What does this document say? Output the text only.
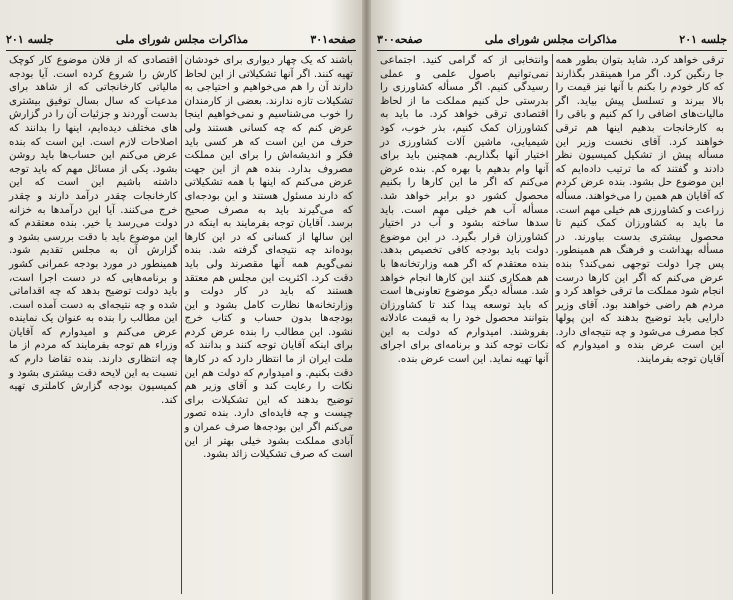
صفحه۳۰۱
مذاکرات مجلس شورای ملی
جلسه ۲۰۱

باشند که یک چهار دیواری برای خودشان تهیه کنند. اگر آنها تشکیلاتی از این لحاظ دارند آن را هم می‌خواهیم و احتیاجی به تشکیلات تازه ندارند. بعضی از کارمندان را خوب می‌شناسیم و نمی‌خواهیم اینجا عرض کنم که چه کسانی هستند ولی حرف من این است که هر کسی باید فکر و اندیشه‌اش را برای این مملکت مصروف بدارد. بنده هم از این جهت عرض می‌کنم که اینها با همه تشکیلاتی که دارند مسئول هستند و این بودجه‌ای که می‌گیرند باید به مصرف صحیح برسد. آقایان توجه بفرمایند به اینکه در این سالها از کسانی که در این کارها بوده‌اند چه نتیجه‌ای گرفته شد. بنده نمی‌گویم همه آنها مقصرند ولی باید دقت کرد. اکثریت این مجلس هم معتقد هستند که باید در کار دولت و وزارتخانه‌ها نظارت کامل بشود و این بودجه‌ها بدون حساب و کتاب خرج نشود. این مطالب را بنده عرض کردم برای اینکه آقایان توجه کنند و بدانند که ملت ایران از ما انتظار دارد که در کارها دقت بکنیم. و امیدوارم که دولت هم این نکات را رعایت کند و آقای وزیر هم توضیح بدهند که این تشکیلات برای چیست و چه فایده‌ای دارد. بنده تصور می‌کنم اگر این بودجه‌ها صرف عمران و آبادی مملکت بشود خیلی بهتر از این است که صرف تشکیلات زائد بشود.

اقتصادی که از فلان موضوع کار کوچک کارش را شروع کرده است. آیا بودجه مالیاتی کارخانجاتی که از شاهد برای مدعیات که سال بسال توفیق بیشتری بدست آوردند و جزئیات آن را در گزارش های مختلف دیده‌ایم، اینها را بدانند که اصلاحات لازم است. این است که بنده عرض می‌کنم این حساب‌ها باید روشن بشود. یکی از مسائل مهم که باید توجه داشته باشیم این است که این کارخانجات چقدر درآمد دارند و چقدر خرج می‌کنند. آیا این درآمدها به خزانه دولت می‌رسد یا خیر. بنده معتقدم که این موضوع باید با دقت بررسی بشود و گزارش آن به مجلس تقدیم شود. همینطور در مورد بودجه عمرانی کشور و برنامه‌هایی که در دست اجرا است، باید دولت توضیح بدهد که چه اقداماتی شده و چه نتیجه‌ای به دست آمده است. این مطالب را بنده به عنوان یک نماینده عرض می‌کنم و امیدوارم که آقایان وزراء هم توجه بفرمایند که مردم از ما چه انتظاری دارند. بنده تقاضا دارم که نسبت به این لایحه دقت بیشتری بشود و کمیسیون بودجه گزارش کاملتری تهیه کند.

جلسه ۲۰۱
مذاکرات مجلس شورای ملی
صفحه۳۰۰

ترقی خواهد کرد. شاید بتوان بطور همه جا رنگین کرد. اگر مرا همینقدر بگذارند که کار خودم را بکنم با آنها نیز قیمت را بالا ببرند و تسلسل پیش بیاید. اگر مالیات‌های اضافی را کم کنیم و باقی را به کارخانجات بدهیم اینها هم ترقی خواهند کرد. آقای نخست وزیر این مسأله پیش از تشکیل کمیسیون نظر دادند و گفتند که ما ترتیب داده‌ایم که این موضوع حل بشود. بنده عرض کردم که آقایان هم همین را می‌خواهند. مسأله زراعت و کشاورزی هم خیلی مهم است. ما باید به کشاورزان کمک کنیم تا محصول بیشتری بدست بیاورند. در مسأله بهداشت و فرهنگ هم همینطور. پس چرا دولت توجهی نمی‌کند؟ بنده عرض می‌کنم که اگر این کارها درست انجام شود مملکت ما ترقی خواهد کرد و مردم هم راضی خواهند بود. آقای وزیر دارایی باید توضیح بدهند که این پولها کجا مصرف می‌شود و چه نتیجه‌ای دارد. این است عرض بنده و امیدوارم که آقایان توجه بفرمایند.

وانتخابی از که گرامی کنید. اجتماعی نمی‌توانیم باصول علمی و عملی رسیدگی کنیم. اگر مسأله کشاورزی را بدرستی حل کنیم مملکت ما از لحاظ اقتصادی ترقی خواهد کرد. ما باید به کشاورزان کمک کنیم، بذر خوب، کود شیمیایی، ماشین آلات کشاورزی در اختیار آنها بگذاریم. همچنین باید برای آنها وام بدهیم با بهره کم. بنده عرض می‌کنم که اگر ما این کارها را بکنیم محصول کشور دو برابر خواهد شد. مسأله آب هم خیلی مهم است. باید سدها ساخته بشود و آب در اختیار کشاورزان قرار بگیرد. در این موضوع دولت باید بودجه کافی تخصیص بدهد. بنده معتقدم که اگر همه وزارتخانه‌ها با هم همکاری کنند این کارها انجام خواهد شد. مسأله دیگر موضوع تعاونی‌ها است که باید توسعه پیدا کند تا کشاورزان بتوانند محصول خود را به قیمت عادلانه بفروشند. امیدوارم که دولت به این نکات توجه کند و برنامه‌ای برای اجرای آنها تهیه نماید. این است عرض بنده.
